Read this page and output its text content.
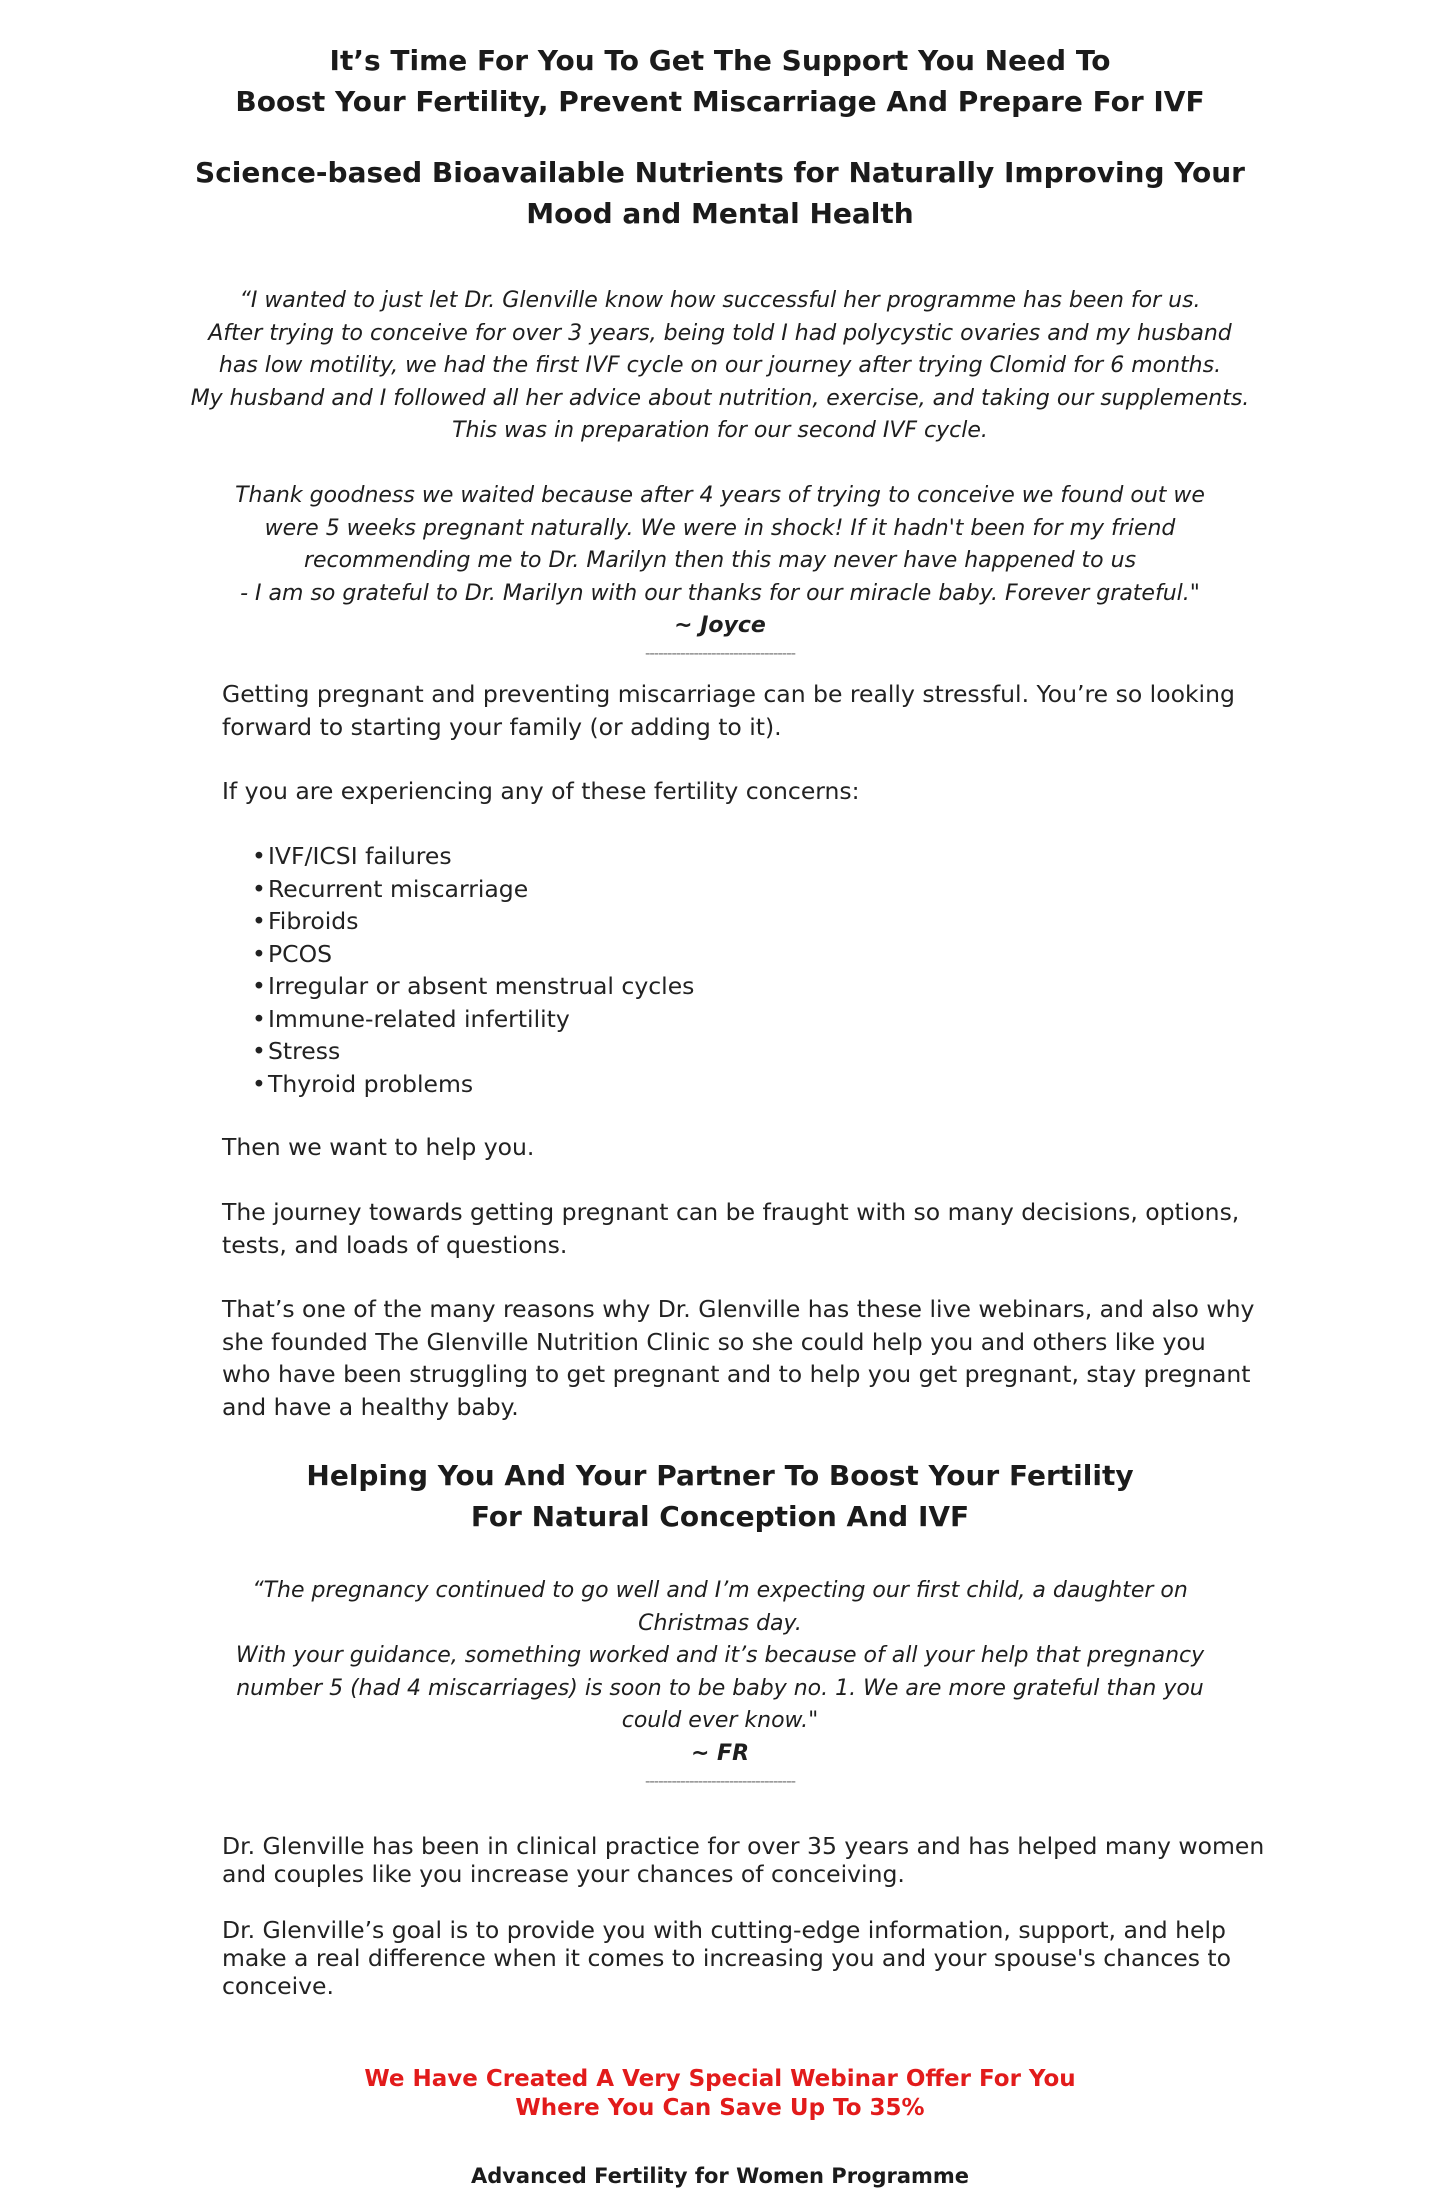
It’s Time For You To Get The Support You Need To
Boost Your Fertility, Prevent Miscarriage And Prepare For IVF
Science-based Bioavailable Nutrients for Naturally Improving Your
Mood and Mental Health
“I wanted to just let Dr. Glenville know how successful her programme has been for us.
After trying to conceive for over 3 years, being told I had polycystic ovaries and my husband
has low motility, we had the first IVF cycle on our journey after trying Clomid for 6 months.
My husband and I followed all her advice about nutrition, exercise, and taking our supplements.
This was in preparation for our second IVF cycle.
Thank goodness we waited because after 4 years of trying to conceive we found out we
were 5 weeks pregnant naturally. We were in shock! If it hadn't been for my friend
recommending me to Dr. Marilyn then this may never have happened to us
- I am so grateful to Dr. Marilyn with our thanks for our miracle baby. Forever grateful."
~ Joyce
----------------------------------
Getting pregnant and preventing miscarriage can be really stressful. You’re so looking
forward to starting your family (or adding to it).
If you are experiencing any of these fertility concerns:
•IVF/ICSI failures
•Recurrent miscarriage
•Fibroids
•PCOS
•Irregular or absent menstrual cycles
•Immune-related infertility
•Stress
•Thyroid problems
Then we want to help you.
The journey towards getting pregnant can be fraught with so many decisions, options,
tests, and loads of questions.
That’s one of the many reasons why Dr. Glenville has these live webinars, and also why
she founded The Glenville Nutrition Clinic so she could help you and others like you
who have been struggling to get pregnant and to help you get pregnant, stay pregnant
and have a healthy baby.
Helping You And Your Partner To Boost Your Fertility
For Natural Conception And IVF
“The pregnancy continued to go well and I’m expecting our first child, a daughter on
Christmas day.
With your guidance, something worked and it’s because of all your help that pregnancy
number 5 (had 4 miscarriages) is soon to be baby no. 1. We are more grateful than you
could ever know."
~ FR
----------------------------------
Dr. Glenville has been in clinical practice for over 35 years and has helped many women
and couples like you increase your chances of conceiving.
Dr. Glenville’s goal is to provide you with cutting-edge information, support, and help
make a real difference when it comes to increasing you and your spouse's chances to
conceive.
We Have Created A Very Special Webinar Offer For You
Where You Can Save Up To 35%
Advanced Fertility for Women Programme
